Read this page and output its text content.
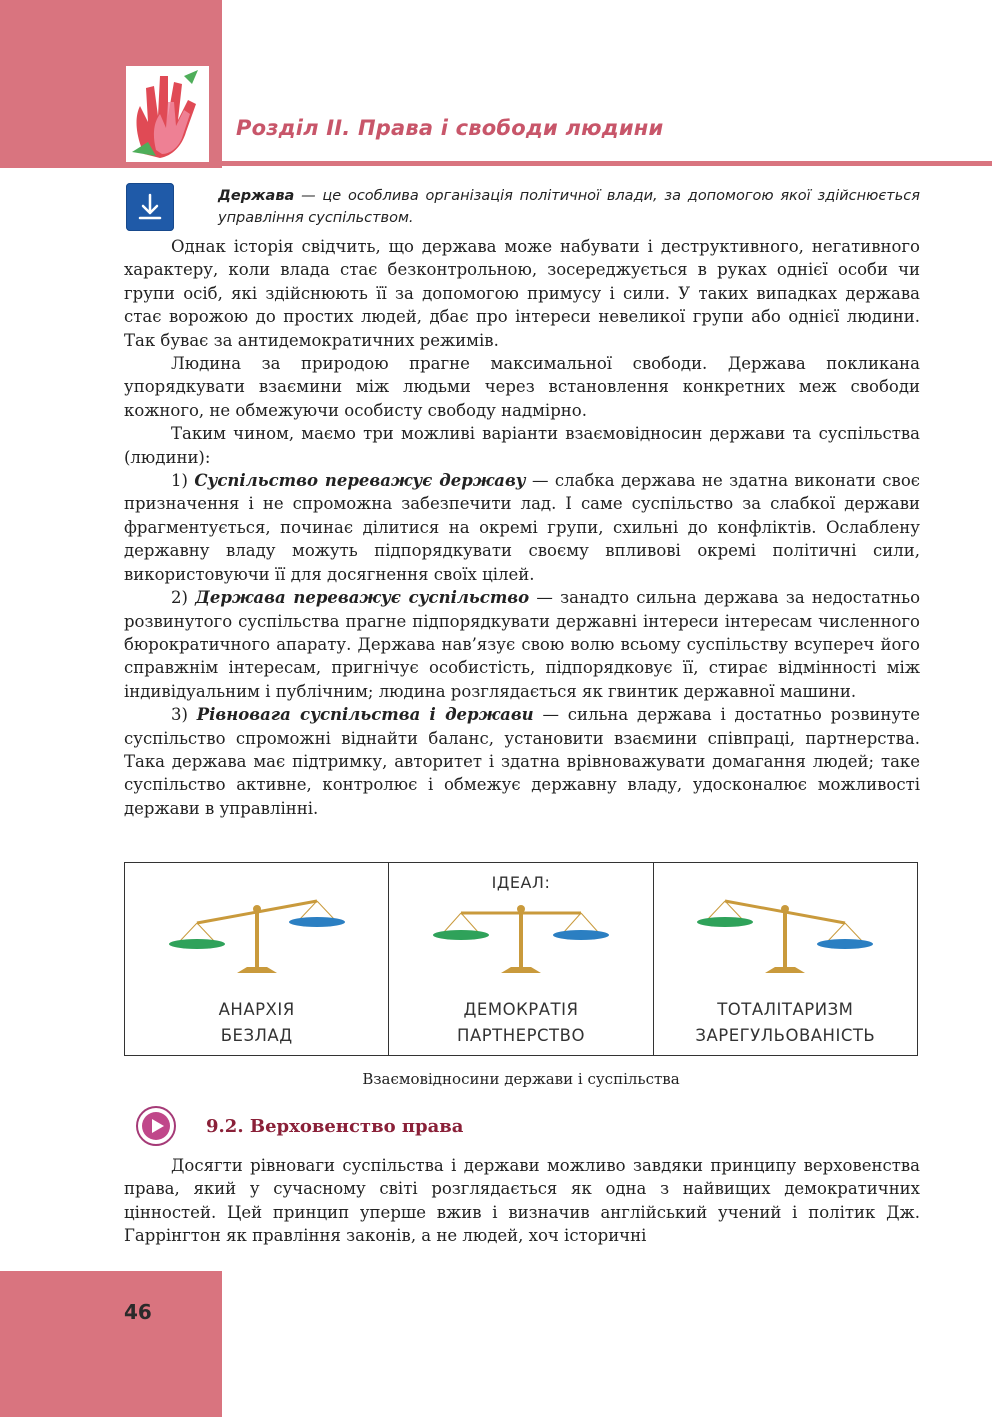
Розділ ІІ. Права і свободи людини
Держава — це особлива організація політичної влади, за допомогою якої здійснюється управління суспільством.

Однак історія свідчить, що держава може набувати і деструктивного, негативного характеру, коли влада стає безконтрольною, зосереджується в руках однієї особи чи групи осіб, які здійснюють її за допомогою примусу і сили. У таких випадках держава стає ворожою до простих людей, дбає про інтереси невеликої групи або однієї людини. Так буває за антидемократичних режимів.

Людина за природою прагне максимальної свободи. Держава покликана упорядкувати взаємини між людьми через встановлення конкретних меж свободи кожного, не обмежуючи особисту свободу надмірно.

Таким чином, маємо три можливі варіанти взаємовідносин держави та суспільства (людини):

1) Суспільство переважує державу — слабка держава не здатна виконати своє призначення і не спроможна забезпечити лад. І саме суспільство за слабкої держави фрагментується, починає ділитися на окремі групи, схильні до конфліктів. Ослаблену державну владу можуть підпорядкувати своєму впливові окремі політичні сили, використовуючи її для досягнення своїх цілей.

2) Держава переважує суспільство — занадто сильна держава за недостатньо розвинутого суспільства прагне підпорядкувати державні інтереси інтересам численного бюрократичного апарату. Держава нав’язує свою волю всьому суспільству всупереч його справжнім інтересам, пригнічує особистість, підпорядковує її, стирає відмінності між індивідуальним і публічним; людина розглядається як гвинтик державної машини.

3) Рівновага суспільства і держави — сильна держава і достатньо розвинуте суспільство спроможні віднайти баланс, установити взаємини співпраці, партнерства. Така держава має підтримку, авторитет і здатна врівноважувати домагання людей; таке суспільство активне, контролює і обмежує державну владу, удосконалює можливості держави в управлінні.

АНАРХІЯ
БЕЗЛАД
ІДЕАЛ:
ДЕМОКРАТІЯ
ПАРТНЕРСТВО
ТОТАЛІТАРИЗМ
ЗАРЕГУЛЬОВАНІСТЬ
Взаємовідносини держави і суспільства
9.2. Верховенство права

Досягти рівноваги суспільства і держави можливо завдяки принципу верховенства права, який у сучасному світі розглядається як одна з найвищих демократичних цінностей. Цей принцип уперше вжив і визначив англійський учений і політик Дж. Гаррінгтон як правління законів, а не людей, хоч історичні

46
